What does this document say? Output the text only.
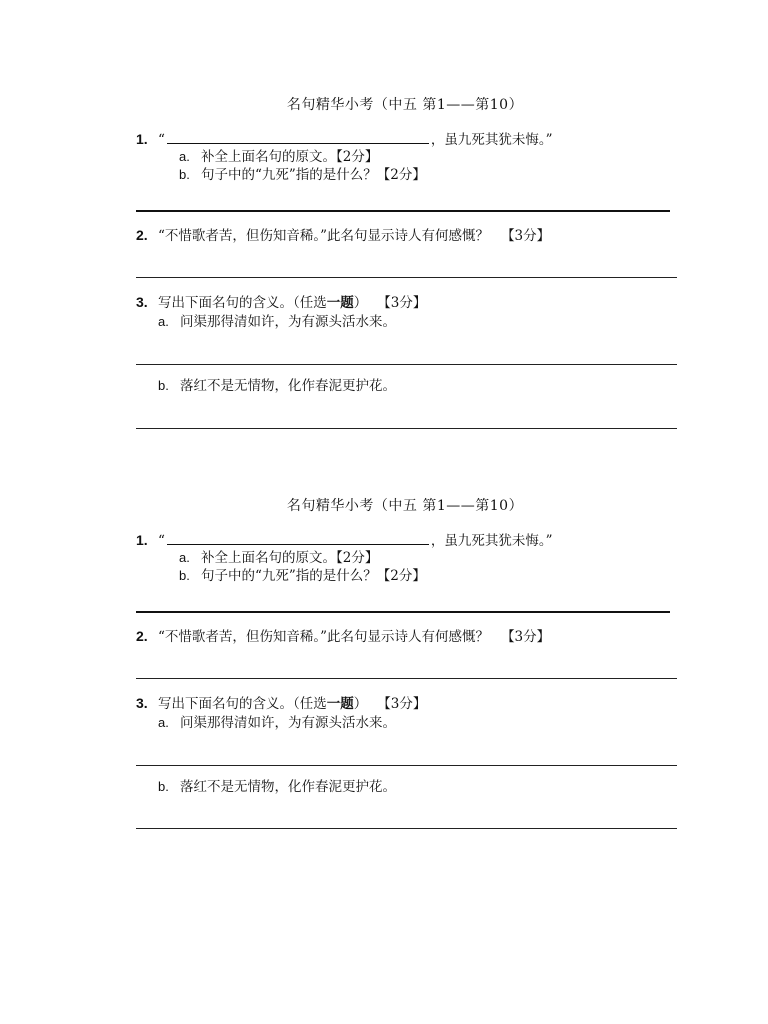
名句精华小考（中五 第1——第10）
1. “	，虽九死其犹未悔。”
a. 补全上面名句的原文。【2分】
b. 句子中的“九死”指的是什么？【2分】
2. “不惜歌者苦，但伤知音稀。”此名句显示诗人有何感慨？ 【3分】
3. 写出下面名句的含义。（任选一题） 【3分】
a. 问渠那得清如许，为有源头活水来。
b. 落红不是无情物，化作春泥更护花。
名句精华小考（中五 第1——第10）
1. “	，虽九死其犹未悔。”
a. 补全上面名句的原文。【2分】
b. 句子中的“九死”指的是什么？【2分】
2. “不惜歌者苦，但伤知音稀。”此名句显示诗人有何感慨？ 【3分】
3. 写出下面名句的含义。（任选一题） 【3分】
a. 问渠那得清如许，为有源头活水来。
b. 落红不是无情物，化作春泥更护花。
